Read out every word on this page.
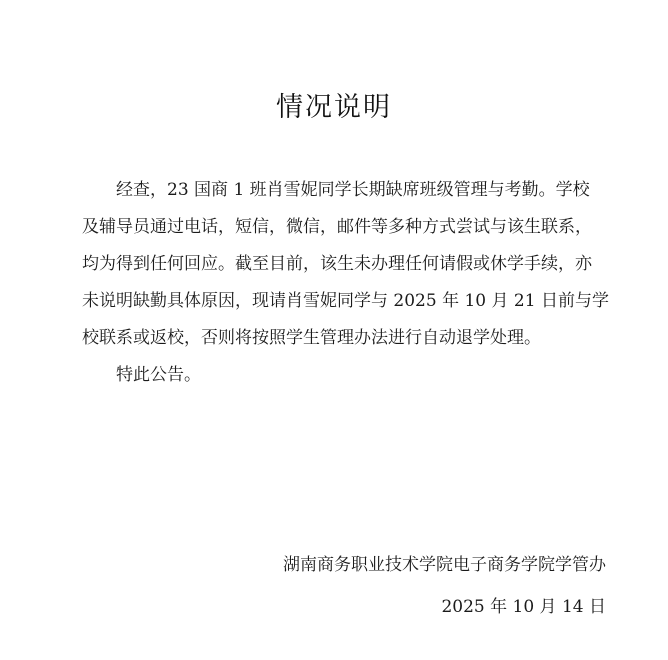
情况说明
经查，23 国商 1 班肖雪妮同学长期缺席班级管理与考勤。学校
及辅导员通过电话，短信，微信，邮件等多种方式尝试与该生联系，
均为得到任何回应。截至目前，该生未办理任何请假或休学手续，亦
未说明缺勤具体原因，现请肖雪妮同学与 2025 年 10 月 21 日前与学
校联系或返校，否则将按照学生管理办法进行自动退学处理。
特此公告。
湖南商务职业技术学院电子商务学院学管办
2025 年 10 月 14 日
